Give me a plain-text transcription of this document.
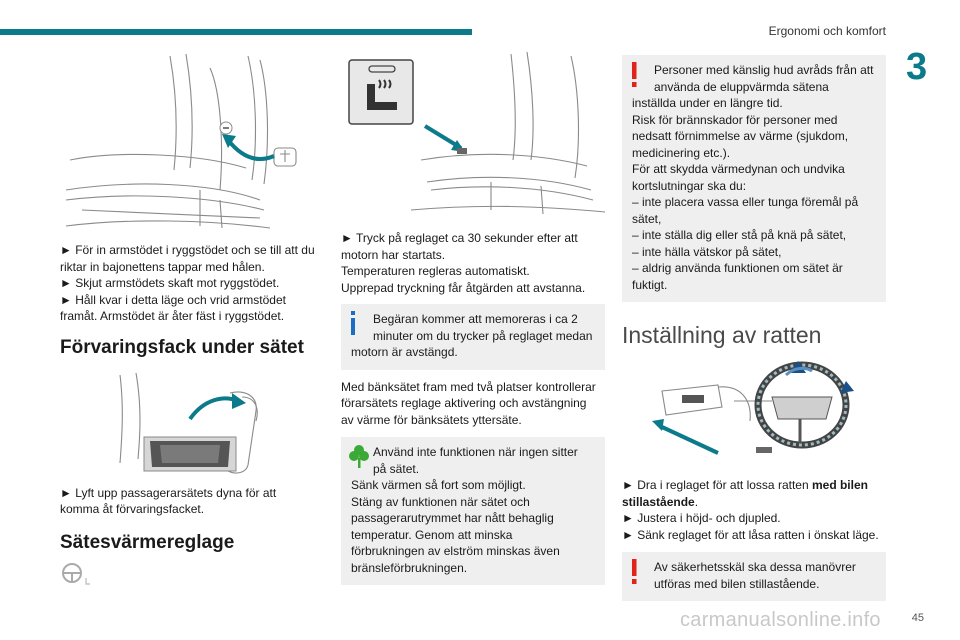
Ergonomi och komfort
3
► För in armstödet i ryggstödet och se till att du
riktar in bajonettens tappar med hålen.
► Skjut armstödets skaft mot ryggstödet.
► Håll kvar i detta läge och vrid armstödet
framåt. Armstödet är åter fäst i ryggstödet.
Förvaringsfack under sätet
► Lyft upp passagerarsätets dyna för att
komma åt förvaringsfacket.
Sätesvärmereglage
► Tryck på reglaget ca 30 sekunder efter att
motorn har startats.
Temperaturen regleras automatiskt.
Upprepad tryckning får åtgärden att avstanna.
Begäran kommer att memoreras i ca 2
minuter om du trycker på reglaget medan
motorn är avstängd.
Med bänksätet fram med två platser kontrollerar
förarsätets reglage aktivering och avstängning
av värme för bänksätets yttersäte.
Använd inte funktionen när ingen sitter
på sätet.
Sänk värmen så fort som möjligt.
Stäng av funktionen när sätet och
passagerarutrymmet har nått behaglig
temperatur. Genom att minska
förbrukningen av elström minskas även
bränsleförbrukningen.
Personer med känslig hud avråds från att
använda de eluppvärmda sätena
inställda under en längre tid.
Risk för brännskador för personer med
nedsatt förnimmelse av värme (sjukdom,
medicinering etc.).
För att skydda värmedynan och undvika
kortslutningar ska du:
– inte placera vassa eller tunga föremål på
sätet,
– inte ställa dig eller stå på knä på sätet,
– inte hälla vätskor på sätet,
– aldrig använda funktionen om sätet är
fuktigt.
Inställning av ratten
► Dra i reglaget för att lossa ratten med bilen
stillastående.
► Justera i höjd- och djupled.
► Sänk reglaget för att låsa ratten i önskat läge.
Av säkerhetsskäl ska dessa manövrer
utföras med bilen stillastående.
carmanualsonline.info	45
